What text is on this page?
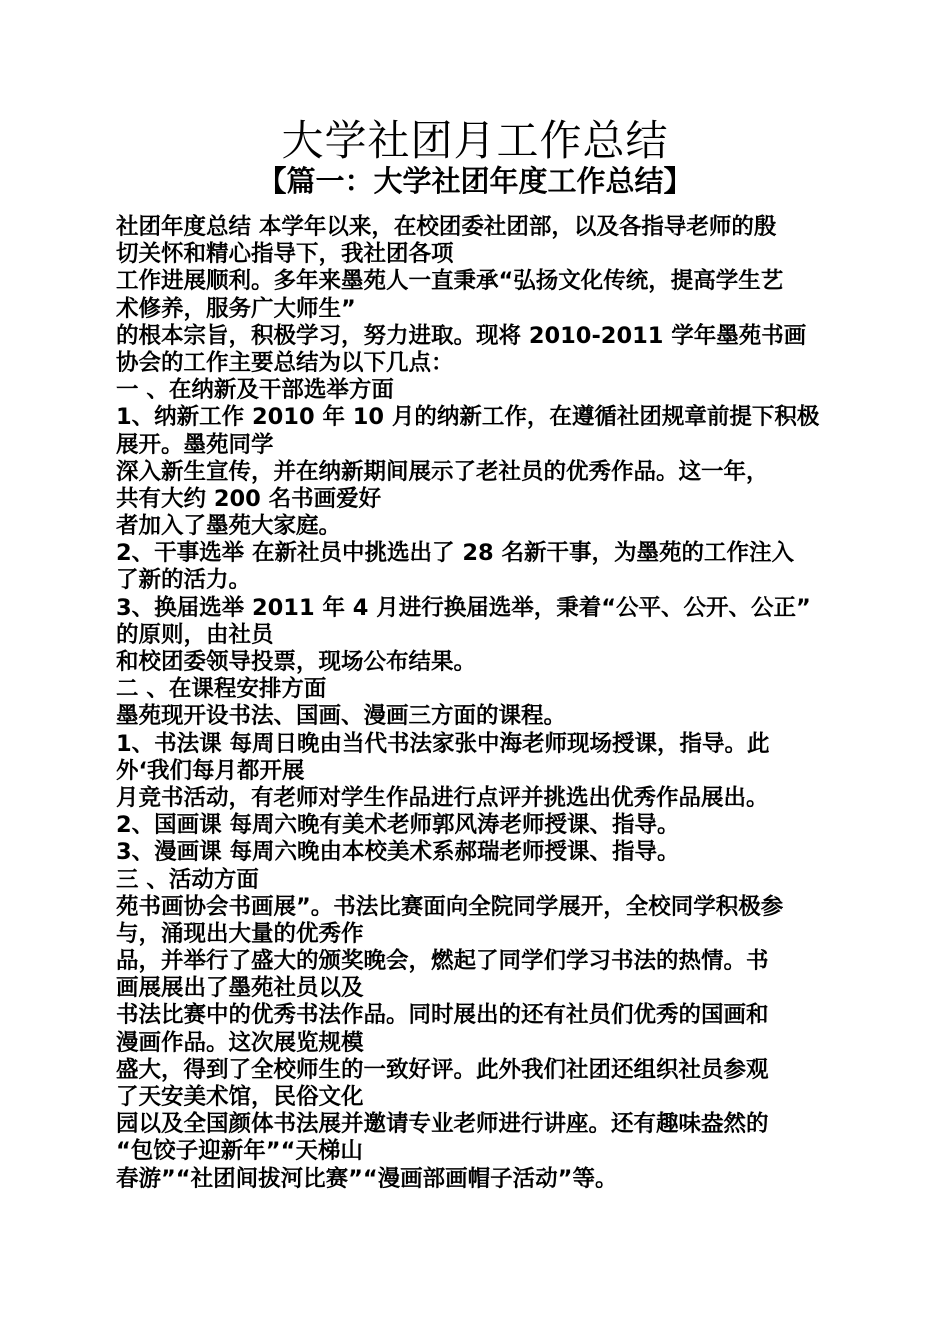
大学社团月工作总结
【篇一：大学社团年度工作总结】
社团年度总结 本学年以来，在校团委社团部，以及各指导老师的殷
切关怀和精心指导下，我社团各项
工作进展顺利。多年来墨苑人一直秉承“弘扬文化传统，提高学生艺
术修养，服务广大师生”
的根本宗旨，积极学习，努力进取。现将 2010-2011 学年墨苑书画
协会的工作主要总结为以下几点：
一 、在纳新及干部选举方面
1、纳新工作 2010 年 10 月的纳新工作，在遵循社团规章前提下积极
展开。墨苑同学
深入新生宣传，并在纳新期间展示了老社员的优秀作品。这一年，
共有大约 200 名书画爱好
者加入了墨苑大家庭。
2、干事选举 在新社员中挑选出了 28 名新干事，为墨苑的工作注入
了新的活力。
3、换届选举 2011 年 4 月进行换届选举，秉着“公平、公开、公正”
的原则，由社员
和校团委领导投票，现场公布结果。
二 、在课程安排方面
墨苑现开设书法、国画、漫画三方面的课程。
1、书法课 每周日晚由当代书法家张中海老师现场授课，指导。此
外‘我们每月都开展
月竞书活动，有老师对学生作品进行点评并挑选出优秀作品展出。
2、国画课 每周六晚有美术老师郭风涛老师授课、指导。
3、漫画课 每周六晚由本校美术系郝瑞老师授课、指导。
三 、活动方面
苑书画协会书画展”。书法比赛面向全院同学展开，全校同学积极参
与，涌现出大量的优秀作
品，并举行了盛大的颁奖晚会，燃起了同学们学习书法的热情。书
画展展出了墨苑社员以及
书法比赛中的优秀书法作品。同时展出的还有社员们优秀的国画和
漫画作品。这次展览规模
盛大，得到了全校师生的一致好评。此外我们社团还组织社员参观
了天安美术馆，民俗文化
园以及全国颜体书法展并邀请专业老师进行讲座。还有趣味盎然的
“包饺子迎新年”“天梯山
春游”“社团间拔河比赛”“漫画部画帽子活动”等。
